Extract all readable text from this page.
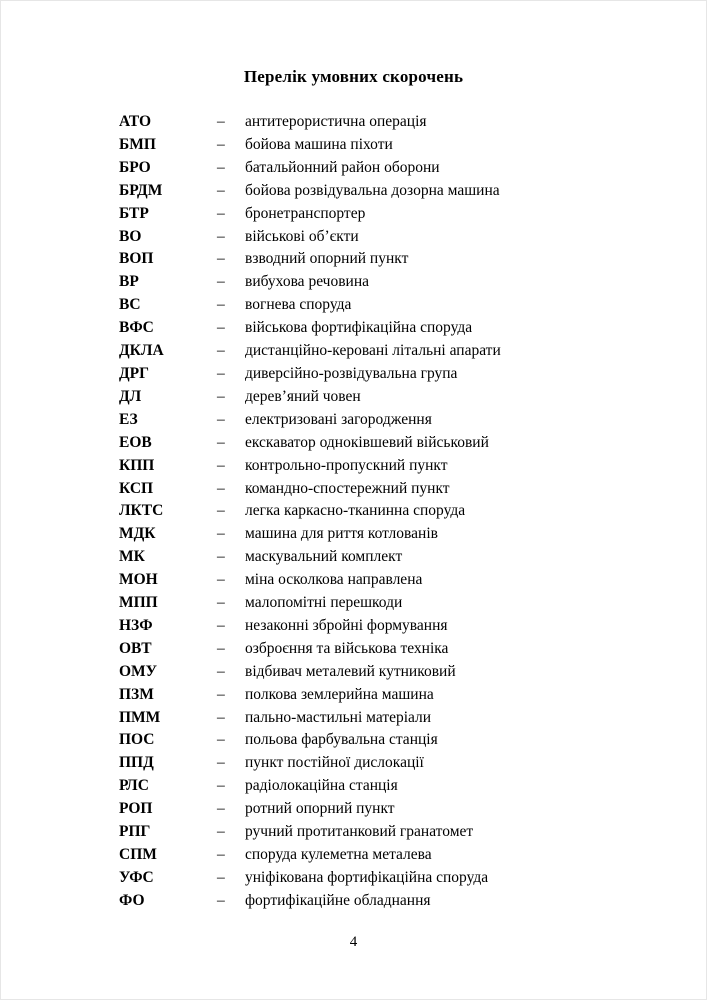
Перелік умовних скорочень
АТО	–	антитерористична операція
БМП	–	бойова машина піхоти
БРО	–	батальйонний район оборони
БРДМ	–	бойова розвідувальна дозорна машина
БТР	–	бронетранспортер
ВО	–	військові об’єкти
ВОП	–	взводний опорний пункт
ВР	–	вибухова речовина
ВС	–	вогнева споруда
ВФС	–	військова фортифікаційна споруда
ДКЛА	–	дистанційно-керовані літальні апарати
ДРГ	–	диверсійно-розвідувальна група
ДЛ	–	дерев’яний човен
ЕЗ	–	електризовані загородження
ЕОВ	–	екскаватор одноківшевий військовий
КПП	–	контрольно-пропускний пункт
КСП	–	командно-спостережний пункт
ЛКТС	–	легка каркасно-тканинна споруда
МДК	–	машина для риття котлованів
МК	–	маскувальний комплект
МОН	–	міна осколкова направлена
МПП	–	малопомітні перешкоди
НЗФ	–	незаконні збройні формування
ОВТ	–	озброєння та військова техніка
ОМУ	–	відбивач металевий кутниковий
ПЗМ	–	полкова землерийна машина
ПММ	–	пально-мастильні матеріали
ПОС	–	польова фарбувальна станція
ППД	–	пункт постійної дислокації
РЛС	–	радіолокаційна станція
РОП	–	ротний опорний пункт
РПГ	–	ручний протитанковий гранатомет
СПМ	–	споруда кулеметна металева
УФС	–	уніфікована фортифікаційна споруда
ФО	–	фортифікаційне обладнання
4
